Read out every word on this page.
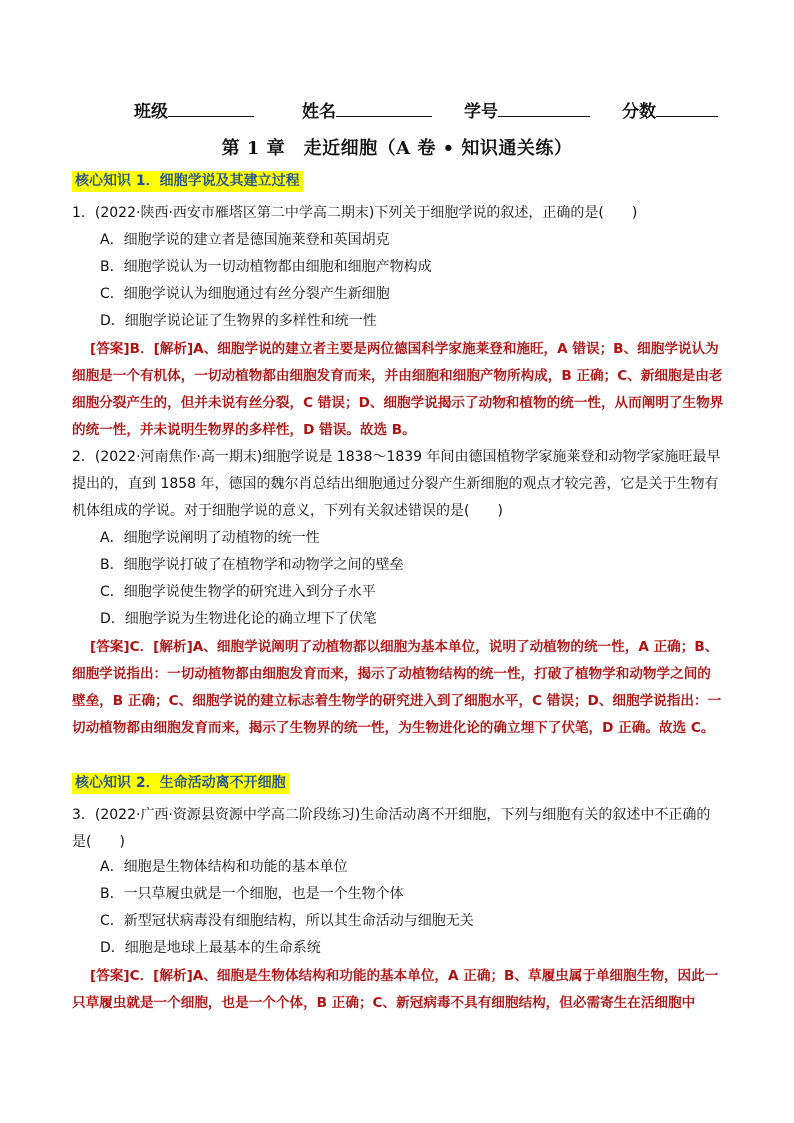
班级	姓名	学号	分数
第 1 章　走近细胞（A 卷 • 知识通关练）
核心知识 1．细胞学说及其建立过程
1．(2022·陕西·西安市雁塔区第二中学高二期末)下列关于细胞学说的叙述，正确的是(　　)
A．细胞学说的建立者是德国施莱登和英国胡克
B．细胞学说认为一切动植物都由细胞和细胞产物构成
C．细胞学说认为细胞通过有丝分裂产生新细胞
D．细胞学说论证了生物界的多样性和统一性
[答案]B．[解析]A、细胞学说的建立者主要是两位德国科学家施莱登和施旺，A 错误；B、细胞学说认为细胞是一个有机体，一切动植物都由细胞发育而来，并由细胞和细胞产物所构成，B 正确；C、新细胞是由老细胞分裂产生的，但并未说有丝分裂，C 错误；D、细胞学说揭示了动物和植物的统一性，从而阐明了生物界的统一性，并未说明生物界的多样性，D 错误。故选 B。
2．(2022·河南焦作·高一期末)细胞学说是 1838～1839 年间由德国植物学家施莱登和动物学家施旺最早提出的，直到 1858 年，德国的魏尔肖总结出细胞通过分裂产生新细胞的观点才较完善，它是关于生物有机体组成的学说。对于细胞学说的意义，下列有关叙述错误的是(　　)
A．细胞学说阐明了动植物的统一性
B．细胞学说打破了在植物学和动物学之间的壁垒
C．细胞学说使生物学的研究进入到分子水平
D．细胞学说为生物进化论的确立埋下了伏笔
[答案]C．[解析]A、细胞学说阐明了动植物都以细胞为基本单位，说明了动植物的统一性，A 正确；B、细胞学说指出：一切动植物都由细胞发育而来，揭示了动植物结构的统一性，打破了植物学和动物学之间的壁垒，B 正确；C、细胞学说的建立标志着生物学的研究进入到了细胞水平，C 错误；D、细胞学说指出：一切动植物都由细胞发育而来，揭示了生物界的统一性，为生物进化论的确立埋下了伏笔，D 正确。故选 C。
核心知识 2．生命活动离不开细胞
3．(2022·广西·资源县资源中学高二阶段练习)生命活动离不开细胞，下列与细胞有关的叙述中不正确的是(　　)
A．细胞是生物体结构和功能的基本单位
B．一只草履虫就是一个细胞，也是一个生物个体
C．新型冠状病毒没有细胞结构，所以其生命活动与细胞无关
D．细胞是地球上最基本的生命系统
[答案]C．[解析]A、细胞是生物体结构和功能的基本单位，A 正确；B、草履虫属于单细胞生物，因此一只草履虫就是一个细胞，也是一个个体，B 正确；C、新冠病毒不具有细胞结构，但必需寄生在活细胞中
